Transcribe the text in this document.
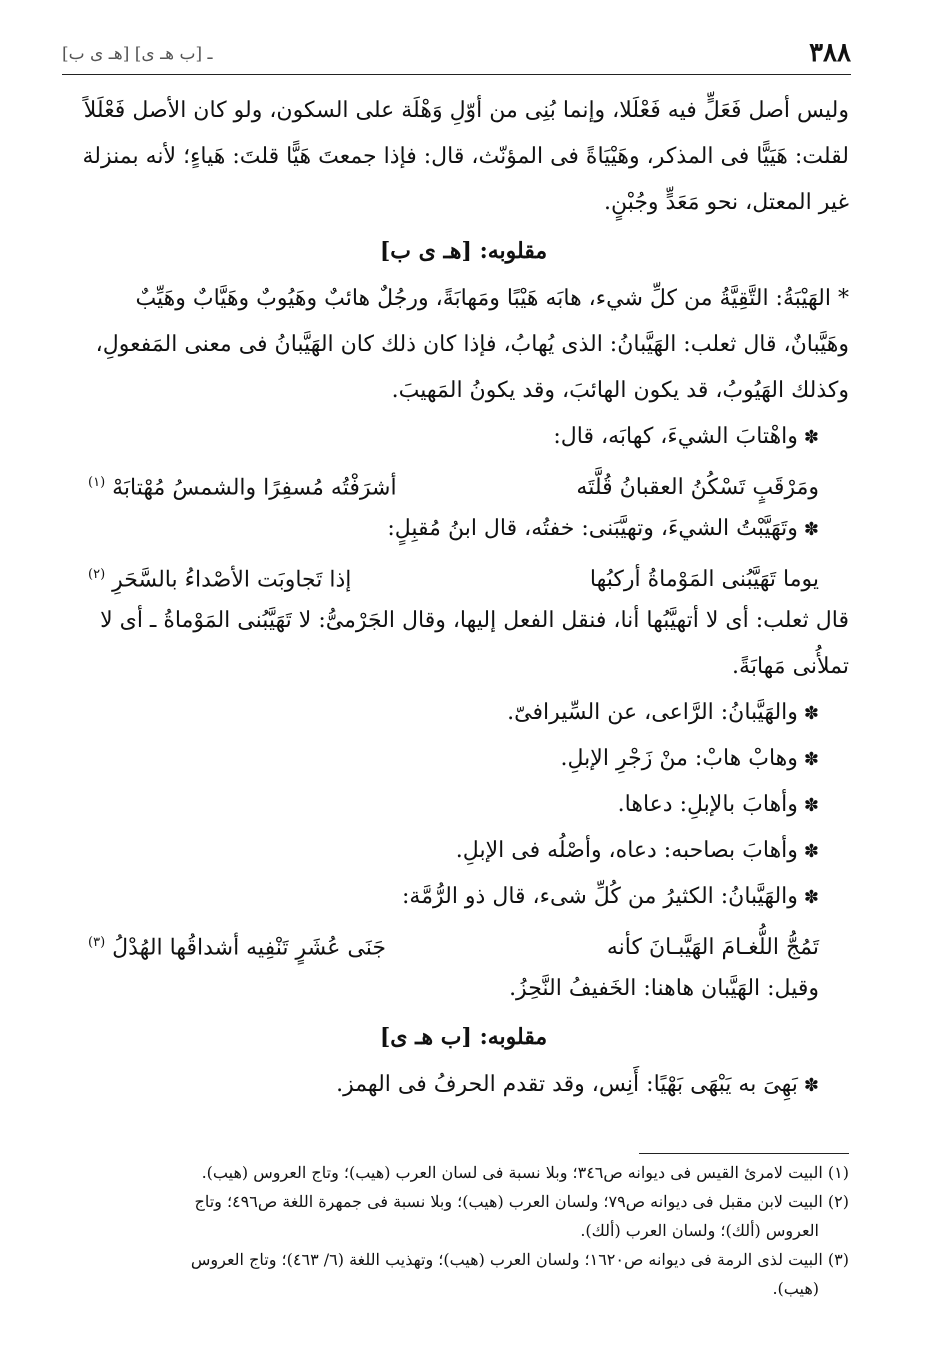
٣٨٨
[هـ ى ب] ـ [ب هـ ى]
وليس أصل فَعَلٍّ فيه فَعْلَلا، وإنما بُنِى من أوّلِ وَهْلَة على السكون، ولو كان الأصل فَعْلَلاً
لقلت: هَيَيًّا فى المذكر، وهَيْيَاةً فى المؤنّث، قال: فإذا جمعتَ هَيًّا قلتَ: هَياءٍ؛ لأنه بمنزلة
غير المعتل، نحو مَعَدٍّ وجُبْنٍ.
مقلوبه: [هـ ى ب]
* الهَيْبَةُ: التَّقِيَّةُ من كلِّ شيء، هابَه هَيْبًا ومَهابَةً، ورجُلٌ هائبٌ وهَيُوبٌ وهَيَّابٌ وهَيِّبٌ
وهَيَّبانٌ، قال ثعلب: الهَيَّبانُ: الذى يُهابُ، فإذا كان ذلك كان الهَيَّبانُ فى معنى المَفعولِ،
وكذلك الهَيُوبُ، قد يكون الهائبَ، وقد يكونُ المَهيبَ.
✽واهْتابَ الشيءَ، كهابَه، قال:
ومَرْقَبٍ تَسْكُنُ العقبانُ قُلَّتَه
أشرَفْتُه مُسفِرًا والشمسُ مُهْتابَهْ $^{(١)}$
✽وتَهَيَّبْتُ الشيءَ، وتهيَّبَنى: خفتُه، قال ابنُ مُقبِلٍ:
يوما تَهَيَّبُنى المَوْماةُ أركبُها
إذا تَجاوبَت الأصْداءُ بالسَّحَرِ $^{(٢)}$
قال ثعلب: أى لا أتهيَّبُها أنا، فنقل الفعل إليها، وقال الجَرْمىُّ: لا تَهَيَّبُنى المَوْماةُ ـ أى لا
تملأُنى مَهابَةً.
✽والهَيَّبانُ: الرَّاعى، عن السِّيرافىّ.
✽وهابْ هابْ: منْ زَجْرِ الإبلِ.
✽وأهابَ بالإبلِ: دعاها.
✽وأهابَ بصاحبه: دعاه، وأصْلُه فى الإبلِ.
✽والهَيَّبانُ: الكثيرُ من كُلِّ شىء، قال ذو الرُّمَّة:
تَمُجُّ اللُّغـامَ الهَيَّبـانَ كأنه
جَنَى عُشَرٍ تَنْفِيه أشداقُها الهُدْلُ $^{(٣)}$
وقيل: الهَيَّبان هاهنا: الخَفيفُ النَّحِزُ.
مقلوبه: [ب هـ ى]
✽بَهِىَ به يَبْهَى بَهْيًا: أَنِس، وقد تقدم الحرفُ فى الهمز.
(١) البيت لامرئ القيس فى ديوانه ص٣٤٦؛ وبلا نسبة فى لسان العرب (هيب)؛ وتاج العروس (هيب).
(٢) البيت لابن مقبل فى ديوانه ص٧٩؛ ولسان العرب (هيب)؛ وبلا نسبة فى جمهرة اللغة ص٤٩٦؛ وتاج
العروس (ألك)؛ ولسان العرب (ألك).
(٣) البيت لذى الرمة فى ديوانه ص١٦٢٠؛ ولسان العرب (هيب)؛ وتهذيب اللغة (٦/ ٤٦٣)؛ وتاج العروس
(هيب).
